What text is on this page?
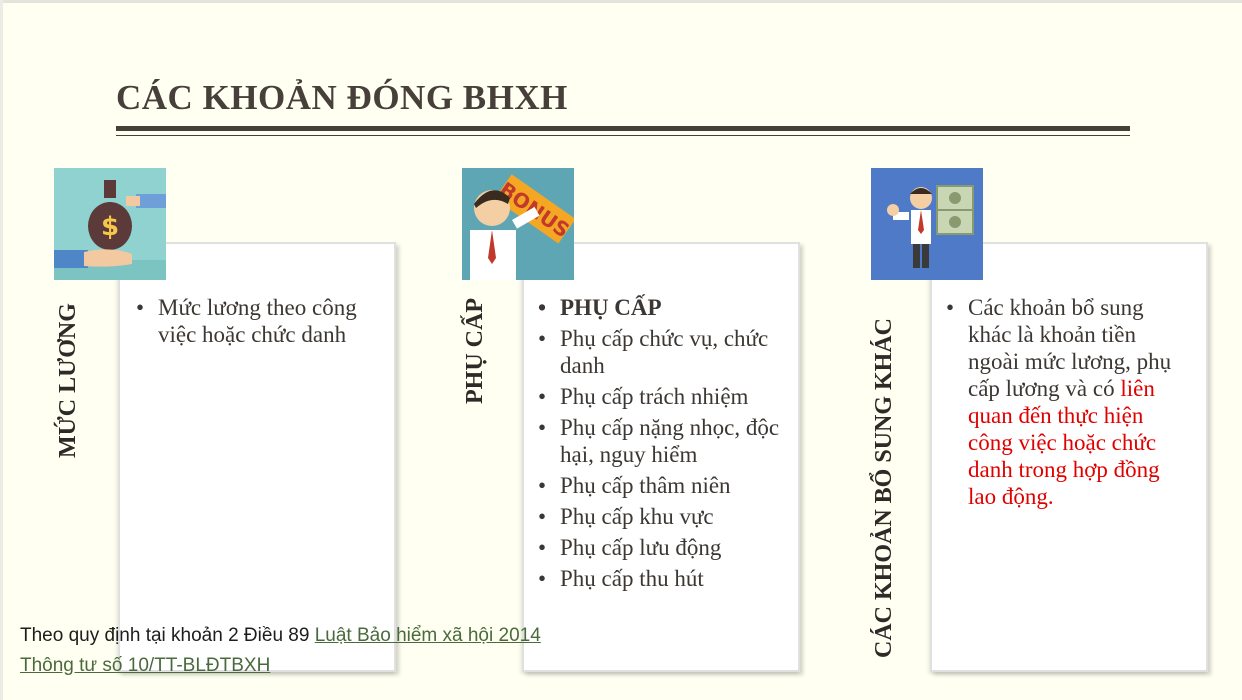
CÁC KHOẢN ĐÓNG BHXH
• Mức lương theo công việc hoặc chức danh
$
MỨC LƯƠNG	• PHỤ CẤP
• Phụ cấp chức vụ, chức danh
• Phụ cấp trách nhiệm
• Phụ cấp nặng nhọc, độc hại, nguy hiểm
• Phụ cấp thâm niên
• Phụ cấp khu vực
• Phụ cấp lưu động
• Phụ cấp thu hút
PHỤ CẤP	• Các khoản bổ sung khác là khoản tiền ngoài mức lương, phụ cấp lương và có liên quan đến thực hiện công việc hoặc chức danh trong hợp đồng lao động.
CÁC KHOẢN BỔ SUNG KHÁC
Theo quy định tại khoản 2 Điều 89 Luật Bảo hiểm xã hội 2014
Thông tư số 10/TT-BLĐTBXH
